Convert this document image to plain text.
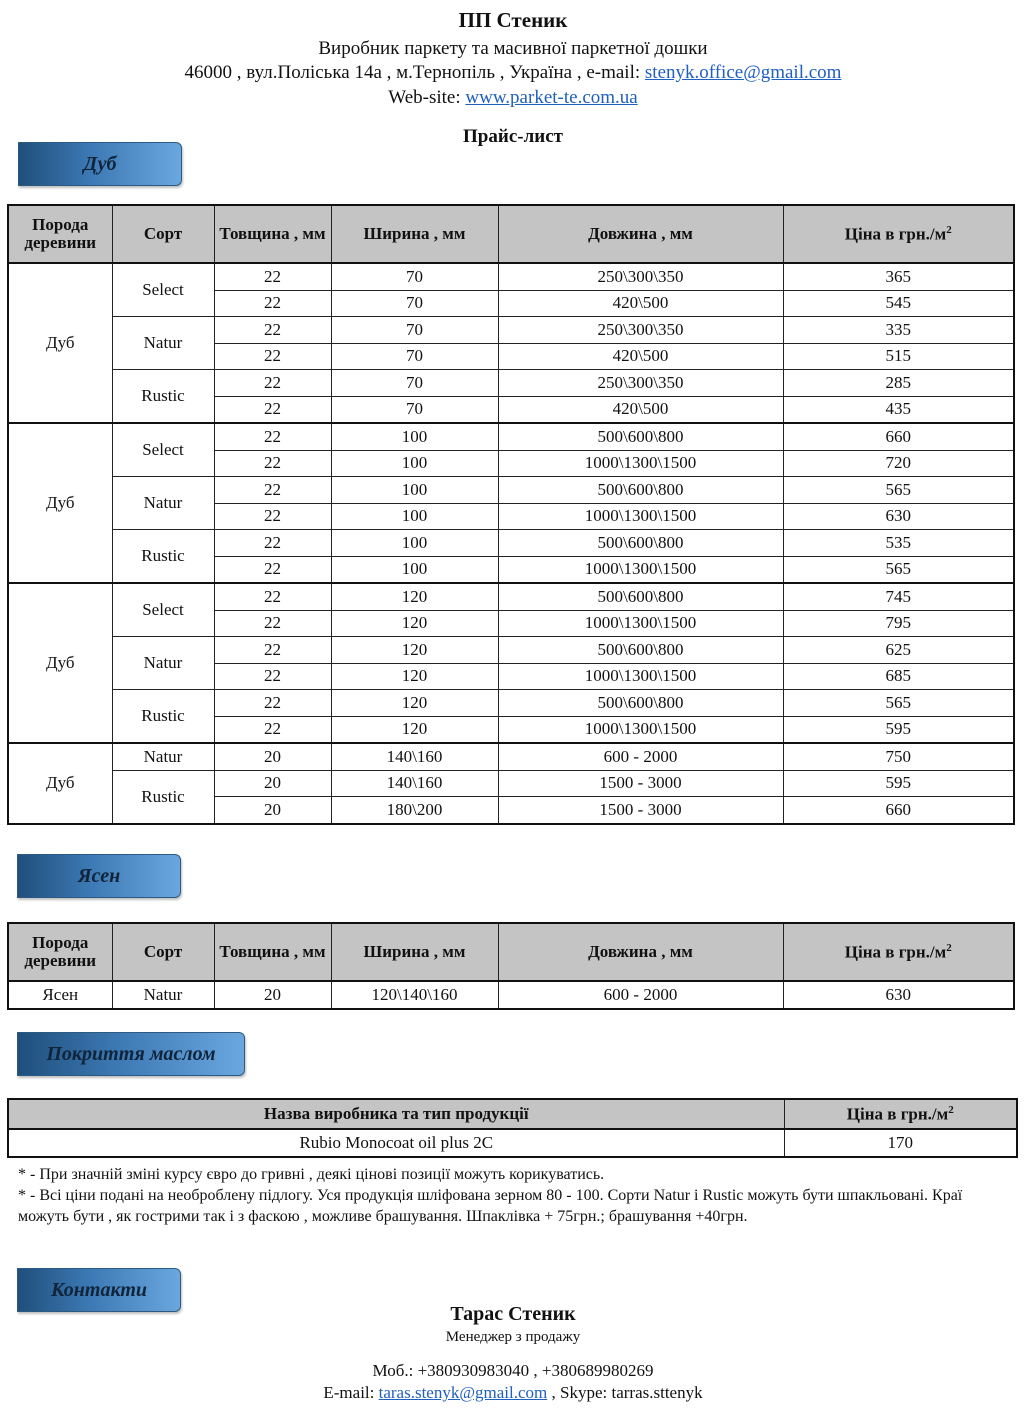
ПП Стеник
Виробник паркету та масивної паркетної дошки
46000 , вул.Поліська 14а , м.Тернопіль , Україна , e-mail: stenyk.office@gmail.com
Web-site: www.parket-te.com.ua
Прайс-лист
Дуб
Порода деревини	Сорт	Товщина , мм	Ширина , мм	Довжина , мм	Ціна в $грн./м^2$
Дуб	Select	22	70	250\300\350	365
		22	70	420\500	545
	Natur	22	70	250\300\350	335
		22	70	420\500	515
	Rustic	22	70	250\300\350	285
		22	70	420\500	435
Дуб	Select	22	100	500\600\800	660
		22	100	1000\1300\1500	720
	Natur	22	100	500\600\800	565
		22	100	1000\1300\1500	630
	Rustic	22	100	500\600\800	535
		22	100	1000\1300\1500	565
Дуб	Select	22	120	500\600\800	745
		22	120	1000\1300\1500	795
	Natur	22	120	500\600\800	625
		22	120	1000\1300\1500	685
	Rustic	22	120	500\600\800	565
		22	120	1000\1300\1500	595
Дуб	Natur	20	140\160	600 - 2000	750
	Rustic	20	140\160	1500 - 3000	595
		20	180\200	1500 - 3000	660
Ясен
Порода деревини	Сорт	Товщина , мм	Ширина , мм	Довжина , мм	Ціна в $грн./м^2$
Ясен	Natur	20	120\140\160	600 - 2000	630
Покриття маслом
Назва виробника та тип продукції	Ціна в $грн./м^2$
Rubio Monocoat oil plus 2C	170
* - При значній зміні курсу євро до гривні , деякі цінові позиції можуть корикуватись.
* - Всі ціни подані на необроблену підлогу. Уся продукція шліфована зерном 80 - 100. Сорти Natur і Rustic можуть бути шпакльовані. Краї можуть бути , як гострими так і з фаскою , можливе брашування. Шпаклівка + 75грн.; брашування +40грн.
Контакти
Тарас Стеник
Менеджер з продажу
Моб.: +380930983040 , +380689980269
E-mail: taras.stenyk@gmail.com , Skype: tarras.sttenyk
